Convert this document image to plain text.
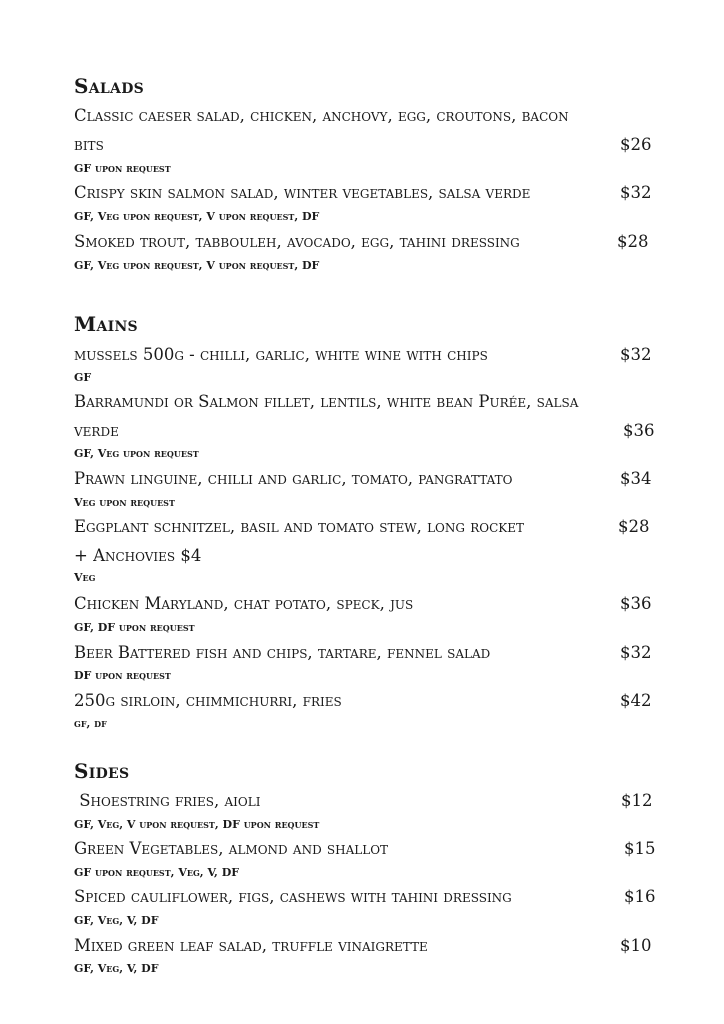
Salads

Classic caeser salad, chicken, anchovy, egg, croutons, bacon

bits	$26

GF upon request

Crispy skin salmon salad, winter vegetables, salsa verde	$32

GF, Veg upon request, V upon request, DF

Smoked trout, tabbouleh, avocado, egg, tahini dressing	$28

GF, Veg upon request, V upon request, DF

Mains

mussels 500g - chilli, garlic, white wine with chips	$32

GF

Barramundi or Salmon fillet, lentils, white bean Purée, salsa

verde	$36

GF, Veg upon request

Prawn linguine, chilli and garlic, tomato, pangrattato	$34

Veg upon request

Eggplant schnitzel, basil and tomato stew, long rocket	$28

+ Anchovies $4

Veg

Chicken Maryland, chat potato, speck, jus	$36

GF, DF upon request

Beer Battered fish and chips, tartare, fennel salad	$32

DF upon request

250g sirloin, chimmichurri, fries	$42

gf, df

Sides

Shoestring fries, aioli	$12

GF, Veg, V upon request, DF upon request

Green Vegetables, almond and shallot	$15

GF upon request, Veg, V, DF

Spiced cauliflower, figs, cashews with tahini dressing	$16

GF, Veg, V, DF

Mixed green leaf salad, truffle vinaigrette	$10

GF, Veg, V, DF
